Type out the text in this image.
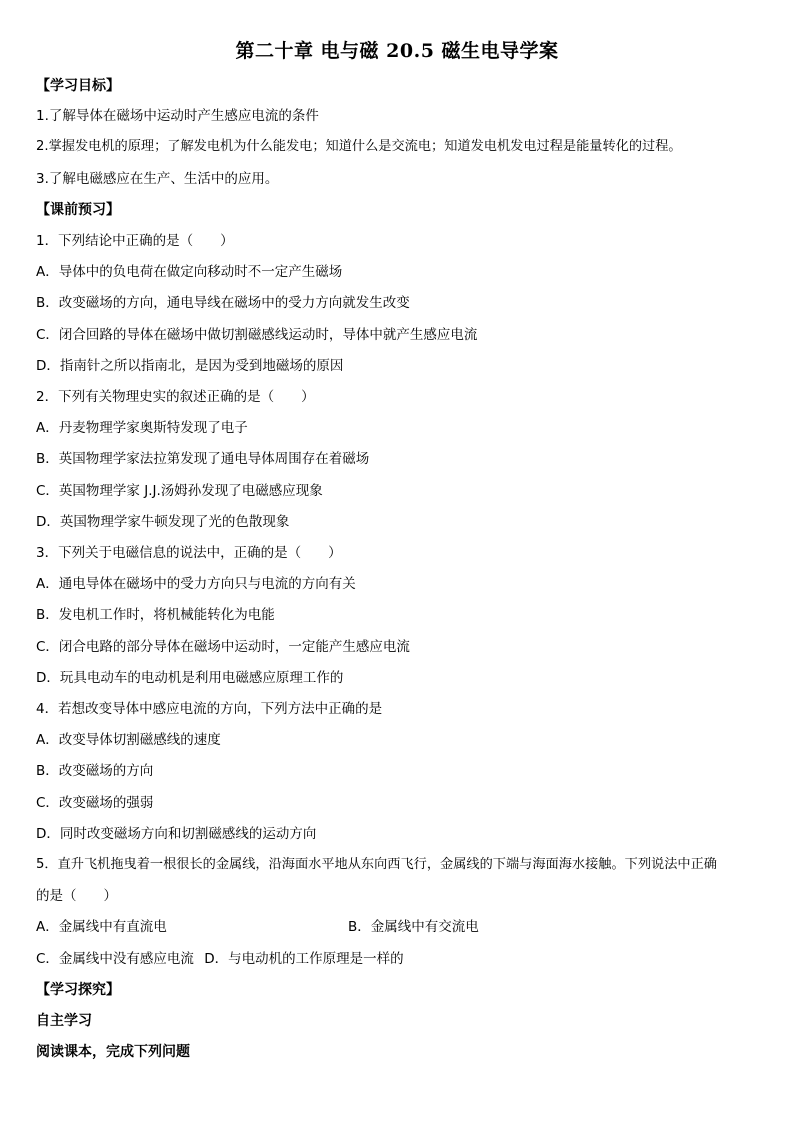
第二十章 电与磁 20.5 磁生电导学案
【学习目标】
1.了解导体在磁场中运动时产生感应电流的条件
2.掌握发电机的原理；了解发电机为什么能发电；知道什么是交流电；知道发电机发电过程是能量转化的过程。
3.了解电磁感应在生产、生活中的应用。
【课前预习】
1．下列结论中正确的是（　　）
A．导体中的负电荷在做定向移动时不一定产生磁场
B．改变磁场的方向，通电导线在磁场中的受力方向就发生改变
C．闭合回路的导体在磁场中做切割磁感线运动时，导体中就产生感应电流
D．指南针之所以指南北，是因为受到地磁场的原因
2．下列有关物理史实的叙述正确的是（　　）
A．丹麦物理学家奥斯特发现了电子
B．英国物理学家法拉第发现了通电导体周围存在着磁场
C．英国物理学家 J.J.汤姆孙发现了电磁感应现象
D．英国物理学家牛顿发现了光的色散现象
3．下列关于电磁信息的说法中，正确的是（　　）
A．通电导体在磁场中的受力方向只与电流的方向有关
B．发电机工作时，将机械能转化为电能
C．闭合电路的部分导体在磁场中运动时，一定能产生感应电流
D．玩具电动车的电动机是利用电磁感应原理工作的
4．若想改变导体中感应电流的方向，下列方法中正确的是
A．改变导体切割磁感线的速度
B．改变磁场的方向
C．改变磁场的强弱
D．同时改变磁场方向和切割磁感线的运动方向
5．直升飞机拖曳着一根很长的金属线，沿海面水平地从东向西飞行，金属线的下端与海面海水接触。下列说法中正确
的是（　　）
A．金属线中有直流电	B．金属线中有交流电
C．金属线中没有感应电流 D．与电动机的工作原理是一样的
【学习探究】
自主学习
阅读课本，完成下列问题
